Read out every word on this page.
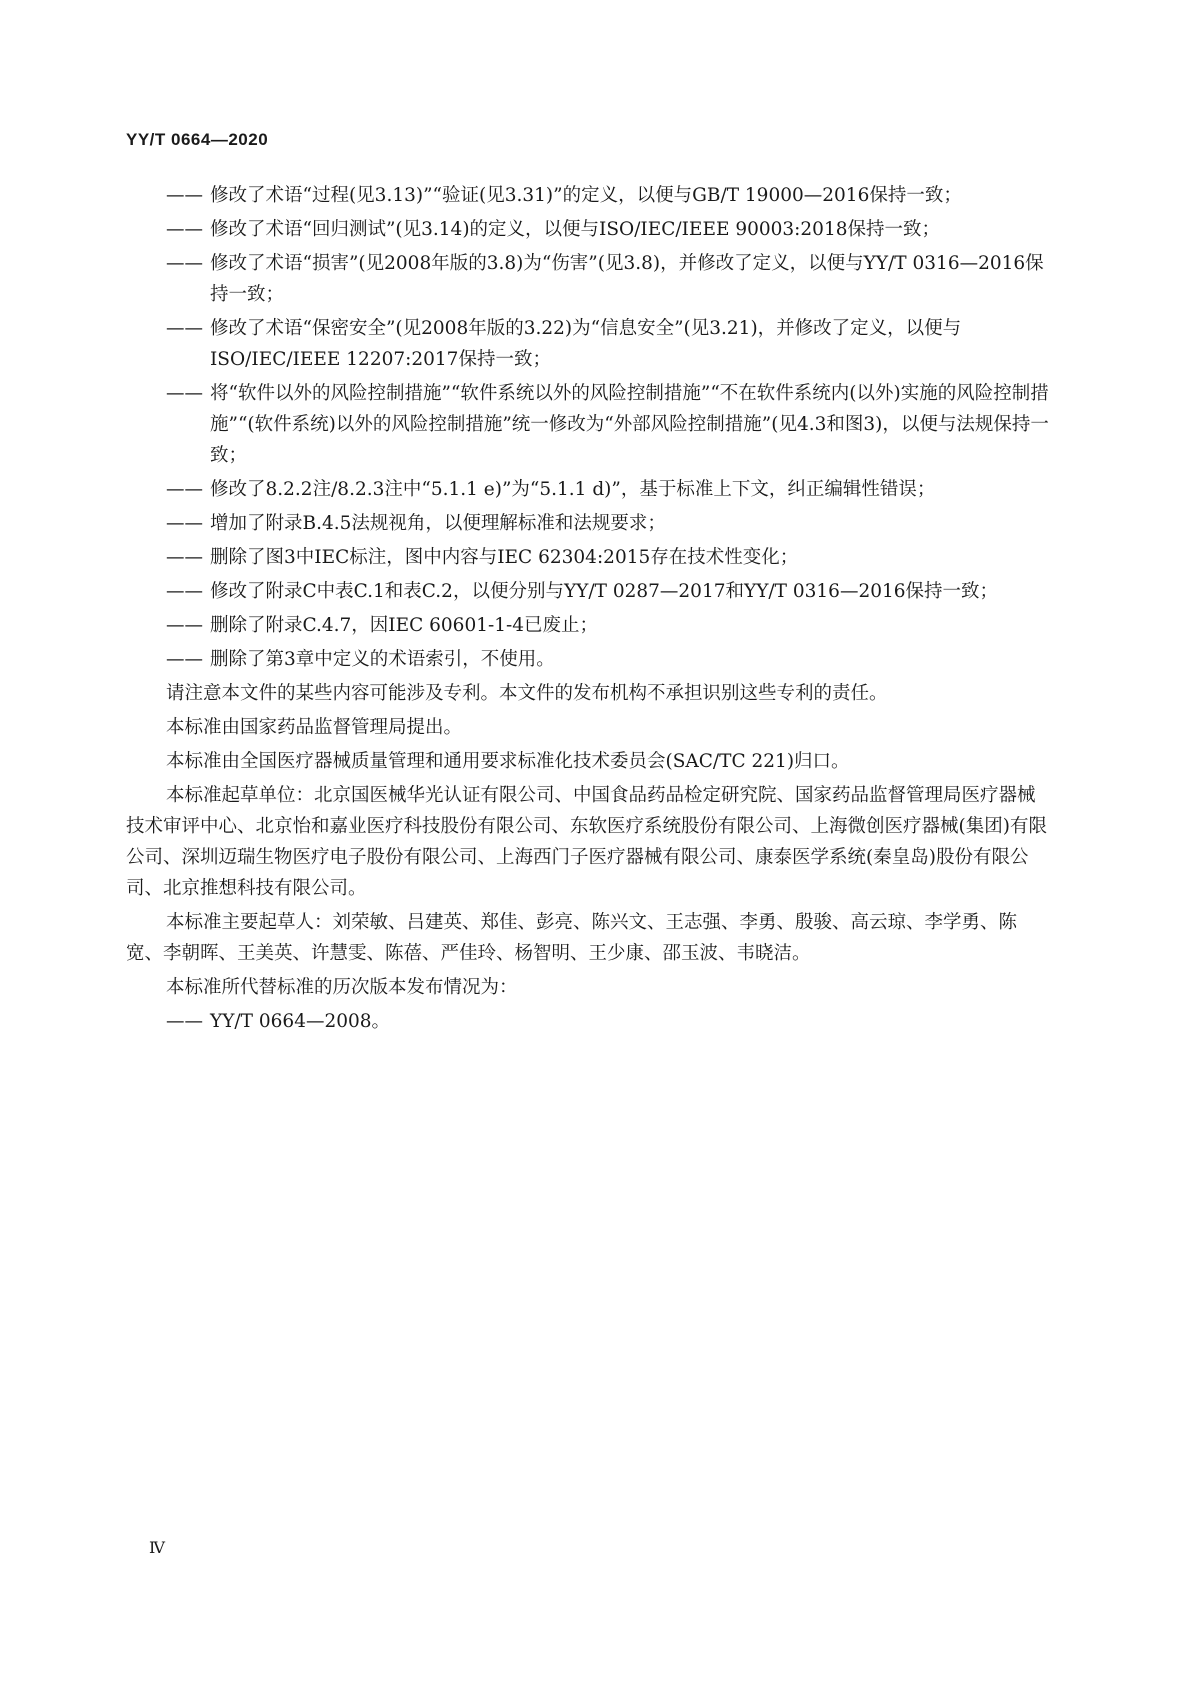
YY/T 0664—2020
—— 修改了术语“过程(见3.13)”“验证(见3.31)”的定义，以便与GB/T 19000—2016保持一致；
—— 修改了术语“回归测试”(见3.14)的定义，以便与ISO/IEC/IEEE 90003:2018保持一致；
—— 修改了术语“损害”(见2008年版的3.8)为“伤害”(见3.8)，并修改了定义，以便与YY/T 0316—2016保持一致；
—— 修改了术语“保密安全”(见2008年版的3.22)为“信息安全”(见3.21)，并修改了定义，以便与ISO/IEC/IEEE 12207:2017保持一致；
—— 将“软件以外的风险控制措施”“软件系统以外的风险控制措施”“不在软件系统内(以外)实施的风险控制措施”“(软件系统)以外的风险控制措施”统一修改为“外部风险控制措施”(见4.3和图3)，以便与法规保持一致；
—— 修改了8.2.2注/8.2.3注中“5.1.1 e)”为“5.1.1 d)”，基于标准上下文，纠正编辑性错误；
—— 增加了附录B.4.5法规视角，以便理解标准和法规要求；
—— 删除了图3中IEC标注，图中内容与IEC 62304:2015存在技术性变化；
—— 修改了附录C中表C.1和表C.2，以便分别与YY/T 0287—2017和YY/T 0316—2016保持一致；
—— 删除了附录C.4.7，因IEC 60601-1-4已废止；
—— 删除了第3章中定义的术语索引，不使用。

请注意本文件的某些内容可能涉及专利。本文件的发布机构不承担识别这些专利的责任。

本标准由国家药品监督管理局提出。

本标准由全国医疗器械质量管理和通用要求标准化技术委员会(SAC/TC 221)归口。

本标准起草单位：北京国医械华光认证有限公司、中国食品药品检定研究院、国家药品监督管理局医疗器械技术审评中心、北京怡和嘉业医疗科技股份有限公司、东软医疗系统股份有限公司、上海微创医疗器械(集团)有限公司、深圳迈瑞生物医疗电子股份有限公司、上海西门子医疗器械有限公司、康泰医学系统(秦皇岛)股份有限公司、北京推想科技有限公司。

本标准主要起草人：刘荣敏、吕建英、郑佳、彭亮、陈兴文、王志强、李勇、殷骏、高云琼、李学勇、陈宽、李朝晖、王美英、许慧雯、陈蓓、严佳玲、杨智明、王少康、邵玉波、韦晓洁。

本标准所代替标准的历次版本发布情况为：

—— YY/T 0664—2008。
Ⅳ
